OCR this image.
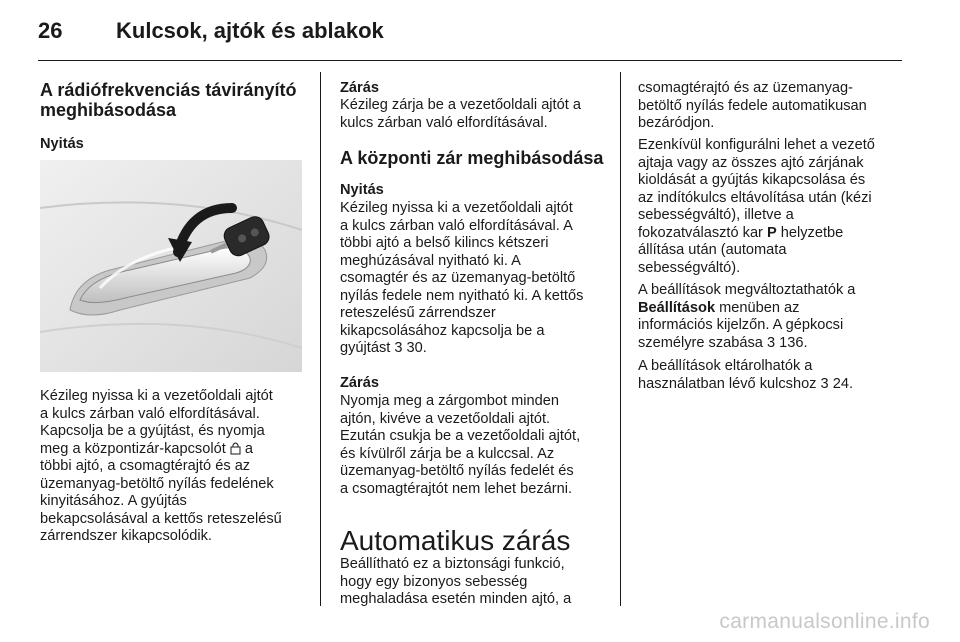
26 Kulcsok, ajtók és ablakok
A rádiófrekvenciás távirányító
meghibásodása
Nyitás
Kézileg nyissa ki a vezetőoldali ajtót
a kulcs zárban való elfordításával.
Kapcsolja be a gyújtást, és nyomja
meg a központizár-kapcsolót  a
többi ajtó, a csomagtérajtó és az
üzemanyag-betöltő nyílás fedelének
kinyitásához. A gyújtás
bekapcsolásával a kettős reteszelésű
zárrendszer kikapcsolódik.
Zárás
Kézileg zárja be a vezetőoldali ajtót a
kulcs zárban való elfordításával.
A központi zár meghibásodása
Nyitás
Kézileg nyissa ki a vezetőoldali ajtót
a kulcs zárban való elfordításával. A
többi ajtó a belső kilincs kétszeri
meghúzásával nyitható ki. A
csomagtér és az üzemanyag-betöltő
nyílás fedele nem nyitható ki. A kettős
reteszelésű zárrendszer
kikapcsolásához kapcsolja be a
gyújtást 3 30.
Zárás
Nyomja meg a zárgombot minden
ajtón, kivéve a vezetőoldali ajtót.
Ezután csukja be a vezetőoldali ajtót,
és kívülről zárja be a kulccsal. Az
üzemanyag-betöltő nyílás fedelét és
a csomagtérajtót nem lehet bezárni.
Automatikus zárás
Beállítható ez a biztonsági funkció,
hogy egy bizonyos sebesség
meghaladása esetén minden ajtó, a
csomagtérajtó és az üzemanyag-
betöltő nyílás fedele automatikusan
bezáródjon.
Ezenkívül konfigurálni lehet a vezető
ajtaja vagy az összes ajtó zárjának
kioldását a gyújtás kikapcsolása és
az indítókulcs eltávolítása után (kézi
sebességváltó), illetve a
fokozatválasztó kar P helyzetbe
állítása után (automata
sebességváltó).
A beállítások megváltoztathatók a
Beállítások menüben az
információs kijelzőn. A gépkocsi
személyre szabása 3 136.
A beállítások eltárolhatók a
használatban lévő kulcshoz 3 24.
carmanualsonline.info
